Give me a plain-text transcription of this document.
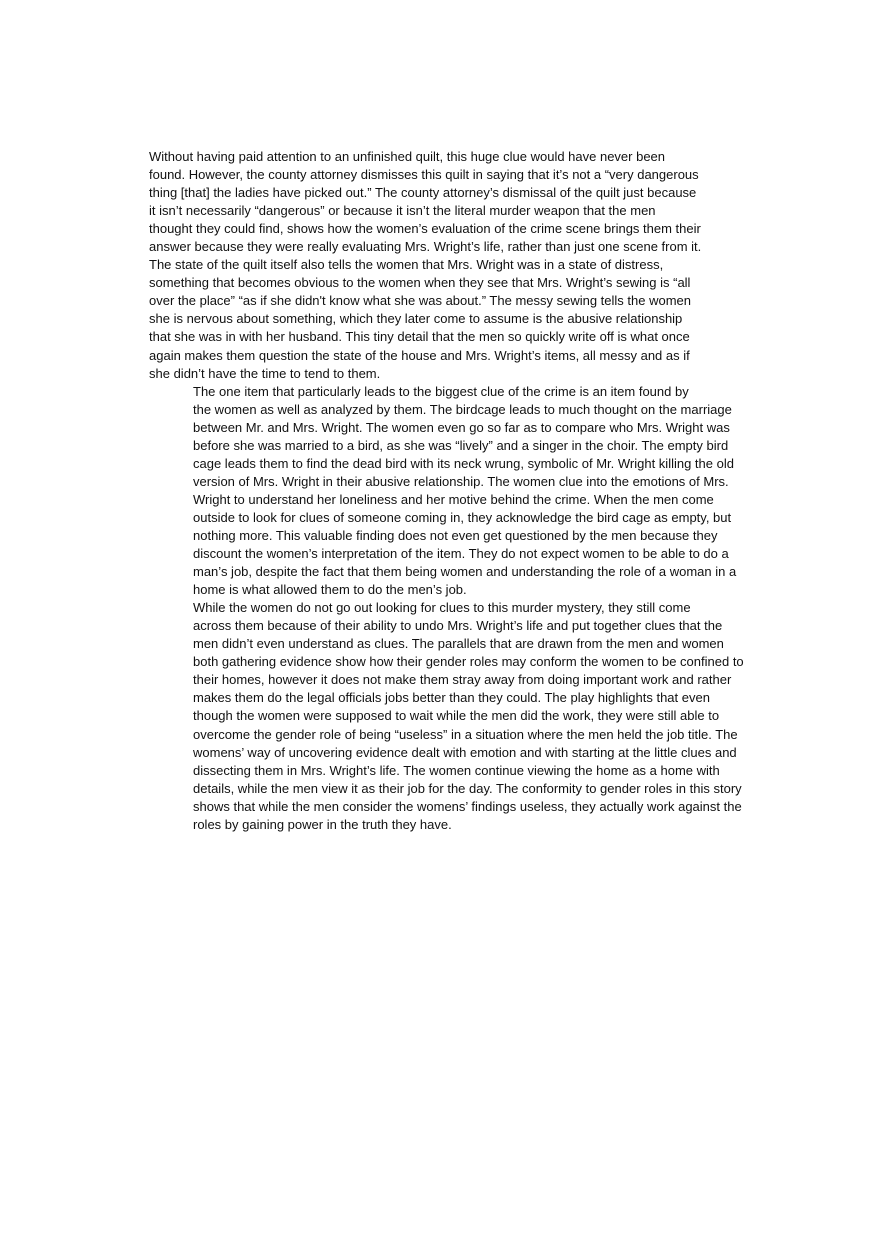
Without having paid attention to an unfinished quilt, this huge clue would have never been
found. However, the county attorney dismisses this quilt in saying that it’s not a “very dangerous
thing [that] the ladies have picked out.” The county attorney’s dismissal of the quilt just because
it isn’t necessarily “dangerous” or because it isn’t the literal murder weapon that the men
thought they could find, shows how the women’s evaluation of the crime scene brings them their
answer because they were really evaluating Mrs. Wright’s life, rather than just one scene from it.
The state of the quilt itself also tells the women that Mrs. Wright was in a state of distress,
something that becomes obvious to the women when they see that Mrs. Wright’s sewing is “all
over the place” “as if she didn't know what she was about.” The messy sewing tells the women
she is nervous about something, which they later come to assume is the abusive relationship
that she was in with her husband. This tiny detail that the men so quickly write off is what once
again makes them question the state of the house and Mrs. Wright’s items, all messy and as if
she didn’t have the time to tend to them.

The one item that particularly leads to the biggest clue of the crime is an item found by
the women as well as analyzed by them. The birdcage leads to much thought on the marriage
between Mr. and Mrs. Wright. The women even go so far as to compare who Mrs. Wright was
before she was married to a bird, as she was “lively” and a singer in the choir. The empty bird
cage leads them to find the dead bird with its neck wrung, symbolic of Mr. Wright killing the old
version of Mrs. Wright in their abusive relationship. The women clue into the emotions of Mrs.
Wright to understand her loneliness and her motive behind the crime. When the men come
outside to look for clues of someone coming in, they acknowledge the bird cage as empty, but
nothing more. This valuable finding does not even get questioned by the men because they
discount the women’s interpretation of the item. They do not expect women to be able to do a
man’s job, despite the fact that them being women and understanding the role of a woman in a
home is what allowed them to do the men’s job.

While the women do not go out looking for clues to this murder mystery, they still come
across them because of their ability to undo Mrs. Wright’s life and put together clues that the
men didn’t even understand as clues. The parallels that are drawn from the men and women
both gathering evidence show how their gender roles may conform the women to be confined to
their homes, however it does not make them stray away from doing important work and rather
makes them do the legal officials jobs better than they could. The play highlights that even
though the women were supposed to wait while the men did the work, they were still able to
overcome the gender role of being “useless” in a situation where the men held the job title. The
womens’ way of uncovering evidence dealt with emotion and with starting at the little clues and
dissecting them in Mrs. Wright’s life. The women continue viewing the home as a home with
details, while the men view it as their job for the day. The conformity to gender roles in this story
shows that while the men consider the womens’ findings useless, they actually work against the
roles by gaining power in the truth they have.
